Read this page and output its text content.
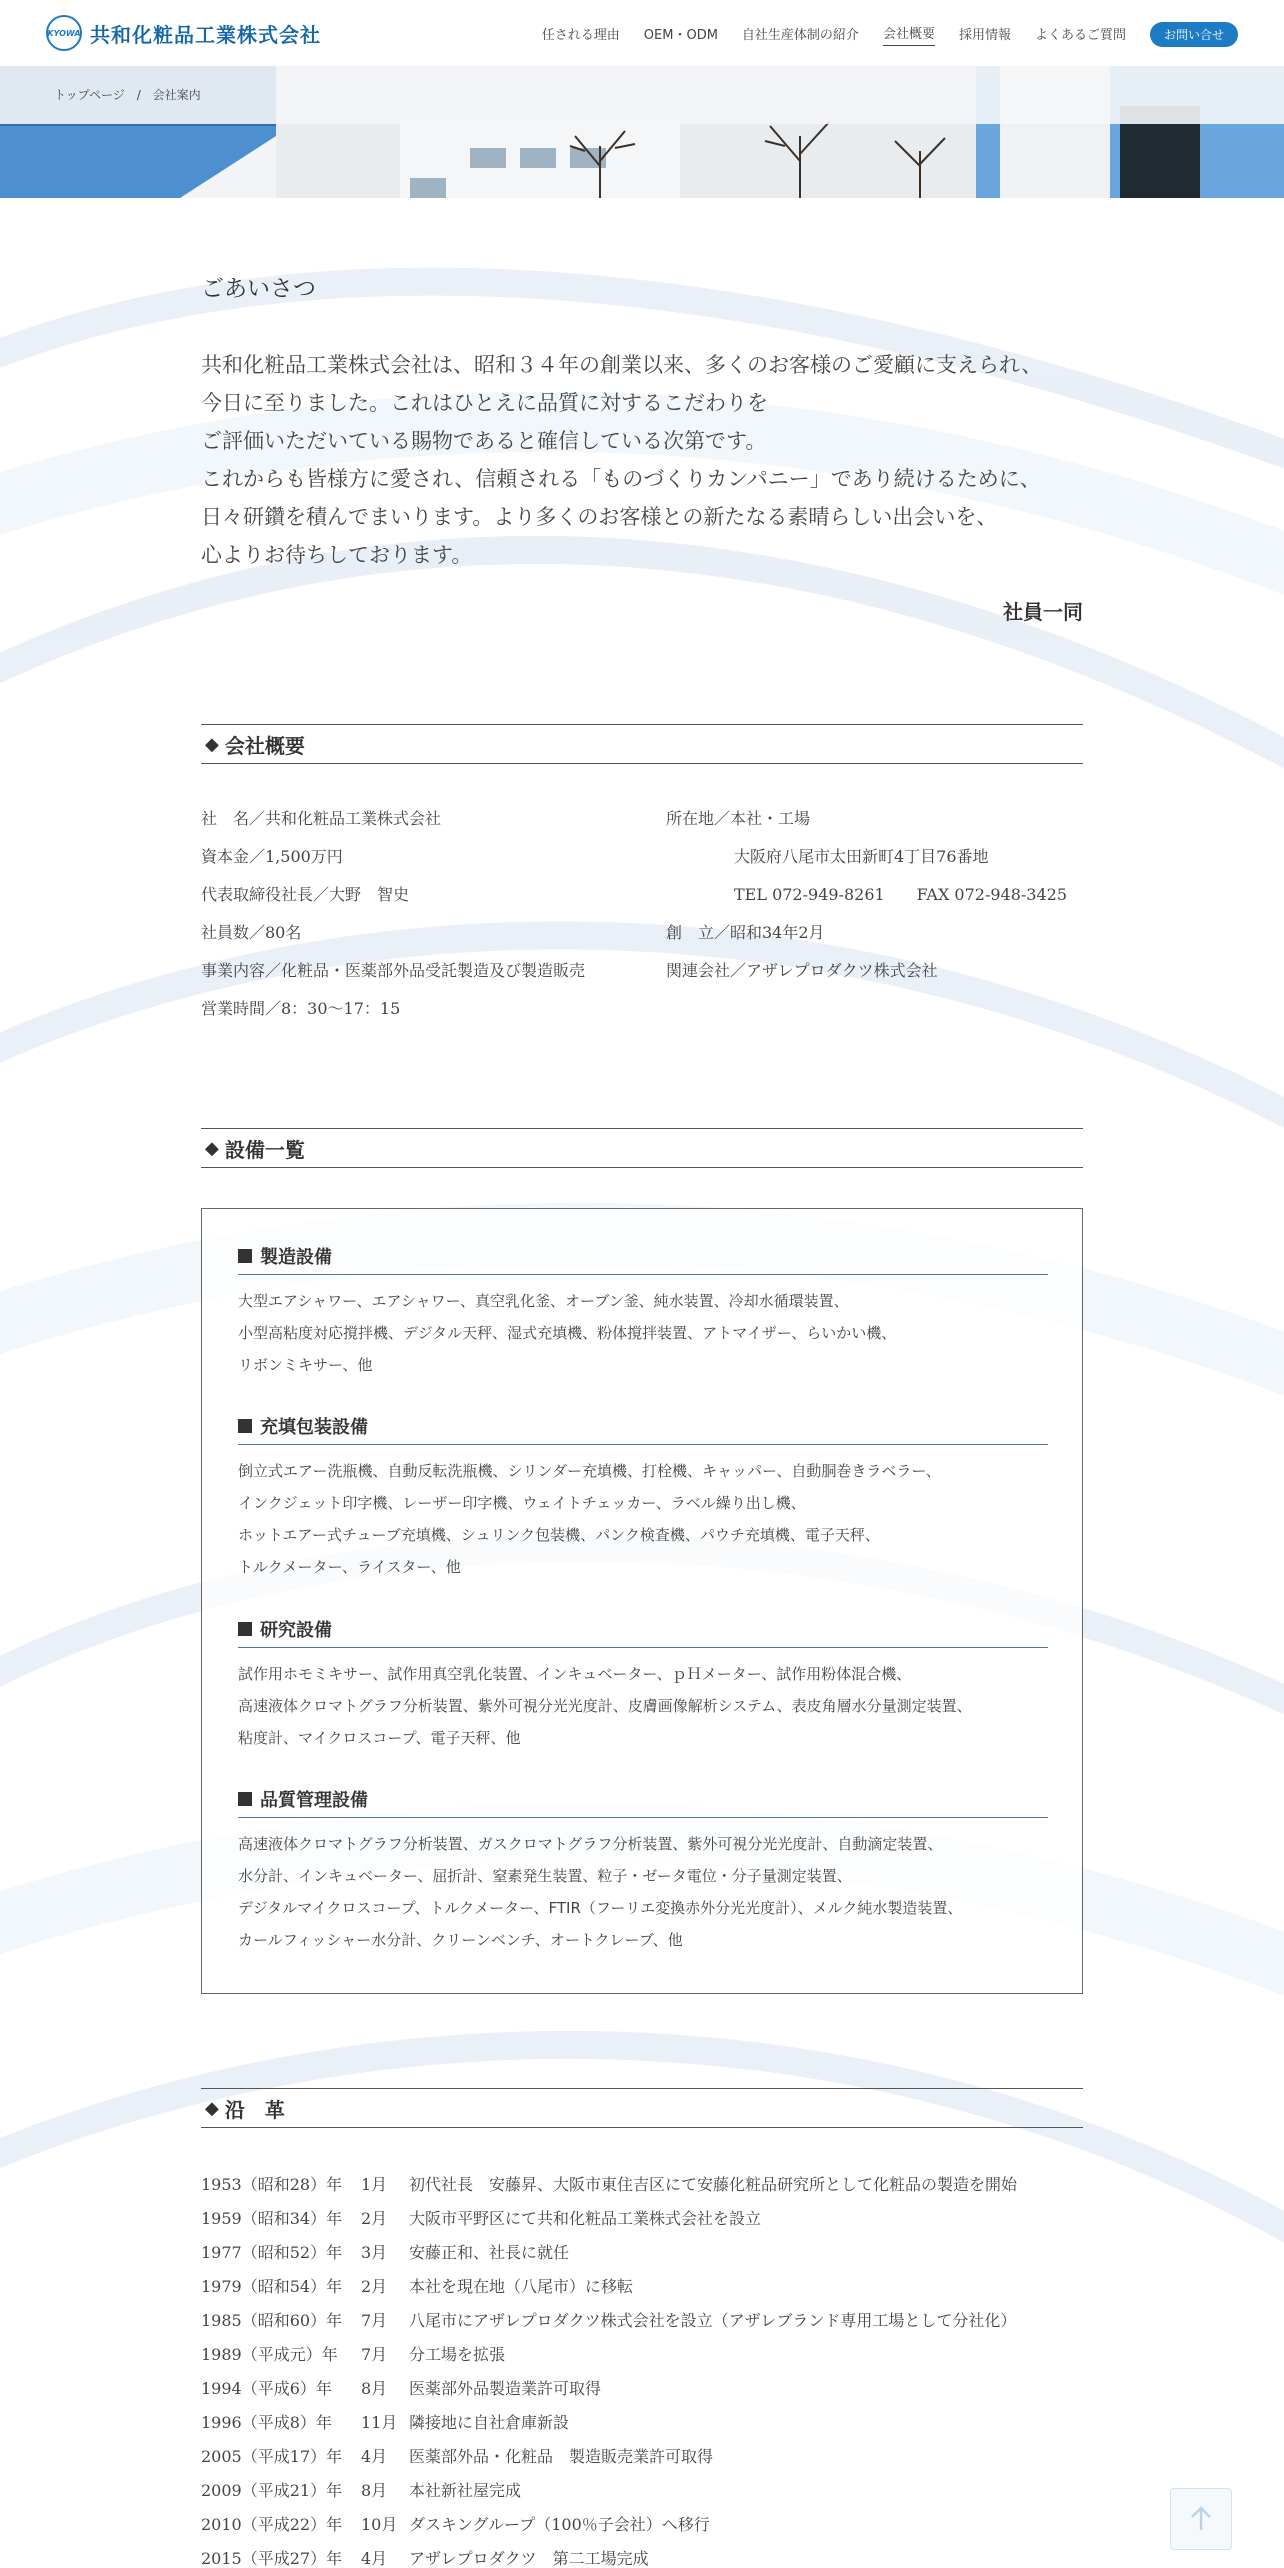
KYOWA 共和化粧品工業株式会社	任される理由 OEM・ODM 自社生産体制の紹介 会社概要 採用情報 よくあるご質問	お問い合せ
トップページ / 会社案内
ごあいさつ
共和化粧品工業株式会社は、昭和３４年の創業以来、多くのお客様のご愛顧に支えられ、
今日に至りました。これはひとえに品質に対するこだわりを
ご評価いただいている賜物であると確信している次第です。
これからも皆様方に愛され、信頼される「ものづくりカンパニー」であり続けるために、
日々研鑽を積んでまいります。より多くのお客様との新たなる素晴らしい出会いを、
心よりお待ちしております。
社員一同
◆ 会社概要
社　名／共和化粧品工業株式会社
資本金／1,500万円
代表取締役社長／大野　智史
社員数／80名
事業内容／化粧品・医薬部外品受託製造及び製造販売
営業時間／8：30～17：15
所在地／本社・工場
大阪府八尾市太田新町4丁目76番地
TEL 072-949-8261　　FAX 072-948-3425
創　立／昭和34年2月
関連会社／アザレプロダクツ株式会社
◆ 設備一覧
製造設備
大型エアシャワー、エアシャワー、真空乳化釜、オーブン釜、純水装置、冷却水循環装置、
小型高粘度対応撹拌機、デジタル天秤、湿式充填機、粉体撹拌装置、アトマイザー、らいかい機、
リボンミキサー、他
充填包装設備
倒立式エアー洗瓶機、自動反転洗瓶機、シリンダー充填機、打栓機、キャッパー、自動胴巻きラベラー、
インクジェット印字機、レーザー印字機、ウェイトチェッカー、ラベル繰り出し機、
ホットエアー式チューブ充填機、シュリンク包装機、パンク検査機、パウチ充填機、電子天秤、
トルクメーター、ライスター、他
研究設備
試作用ホモミキサー、試作用真空乳化装置、インキュベーター、ｐＨメーター、試作用粉体混合機、
高速液体クロマトグラフ分析装置、紫外可視分光光度計、皮膚画像解析システム、表皮角層水分量測定装置、
粘度計、マイクロスコープ、電子天秤、他
品質管理設備
高速液体クロマトグラフ分析装置、ガスクロマトグラフ分析装置、紫外可視分光光度計、自動滴定装置、
水分計、インキュベーター、屈折計、窒素発生装置、粒子・ゼータ電位・分子量測定装置、
デジタルマイクロスコープ、トルクメーター、FTIR（フーリエ変換赤外分光光度計）、メルク純水製造装置、
カールフィッシャー水分計、クリーンベンチ、オートクレーブ、他
◆ 沿　革
1953（昭和28）年 1月 初代社長　安藤昇、大阪市東住吉区にて安藤化粧品研究所として化粧品の製造を開始
1959（昭和34）年 2月 大阪市平野区にて共和化粧品工業株式会社を設立
1977（昭和52）年 3月 安藤正和、社長に就任
1979（昭和54）年 2月 本社を現在地（八尾市）に移転
1985（昭和60）年 7月 八尾市にアザレプロダクツ株式会社を設立（アザレブランド専用工場として分社化）
1989（平成元）年 7月 分工場を拡張
1994（平成6）年 8月 医薬部外品製造業許可取得
1996（平成8）年 11月 隣接地に自社倉庫新設
2005（平成17）年 4月 医薬部外品・化粧品　製造販売業許可取得
2009（平成21）年 8月 本社新社屋完成
2010（平成22）年 10月 ダスキングループ（100％子会社）へ移行
2015（平成27）年 4月 アザレプロダクツ　第二工場完成
